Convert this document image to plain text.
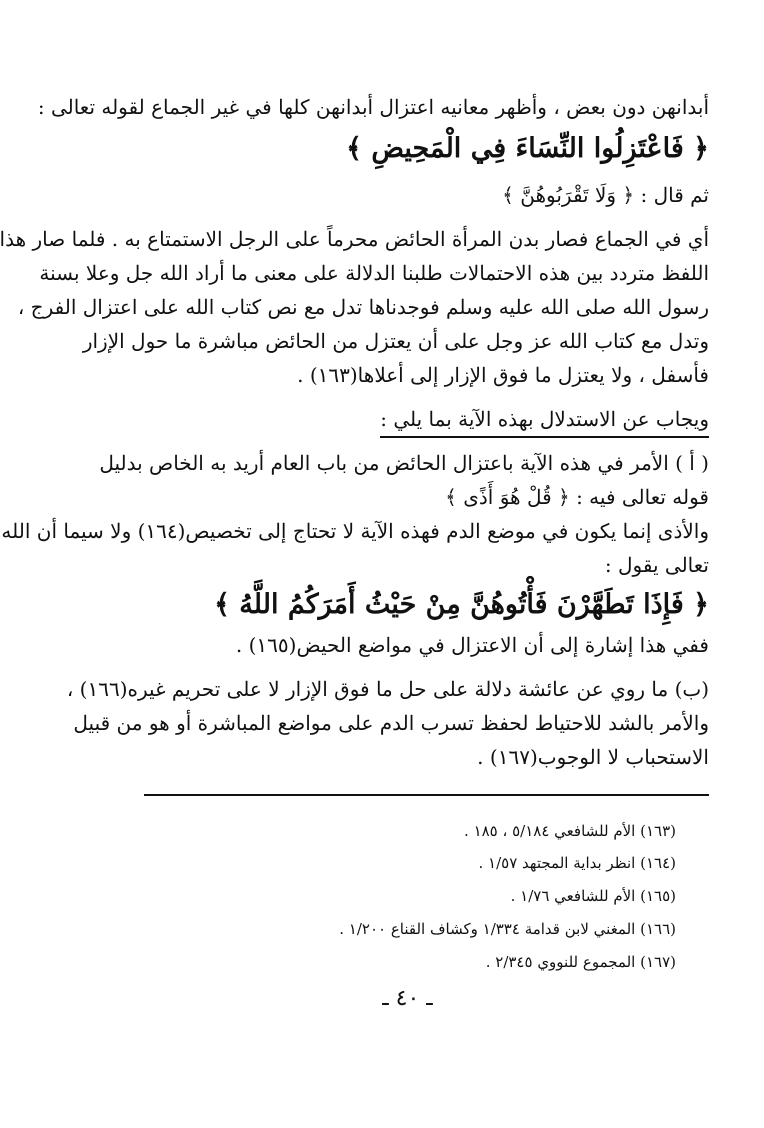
أبدانهن دون بعض ، وأظهر معانيه اعتزال أبدانهن كلها في غير الجماع لقوله تعالى :
﴿ فَاعْتَزِلُوا النِّسَاءَ فِي الْمَحِيضِ ﴾
ثم قال : ﴿ وَلَا تَقْرَبُوهُنَّ ﴾
أي في الجماع فصار بدن المرأة الحائض محرماً على الرجل الاستمتاع به . فلما صار هذا
اللفظ متردد بين هذه الاحتمالات طلبنا الدلالة على معنى ما أراد الله جل وعلا بسنة
رسول الله صلى الله عليه وسلم فوجدناها تدل مع نص كتاب الله على اعتزال الفرج ،
وتدل مع كتاب الله عز وجل على أن يعتزل من الحائض مباشرة ما حول الإزار
فأسفل ، ولا يعتزل ما فوق الإزار إلى أعلاها(١٦٣) .
ويجاب عن الاستدلال بهذه الآية بما يلي :
( أ ) الأمر في هذه الآية باعتزال الحائض من باب العام أريد به الخاص بدليل
قوله تعالى فيه : ﴿ قُلْ هُوَ أَذًى ﴾
والأذى إنما يكون في موضع الدم فهذه الآية لا تحتاج إلى تخصيص(١٦٤) ولا سيما أن الله
تعالى يقول :
﴿ فَإِذَا تَطَهَّرْنَ فَأْتُوهُنَّ مِنْ حَيْثُ أَمَرَكُمُ اللَّهُ ﴾
ففي هذا إشارة إلى أن الاعتزال في مواضع الحيض(١٦٥) .
(ب) ما روي عن عائشة دلالة على حل ما فوق الإزار لا على تحريم غيره(١٦٦) ،
والأمر بالشد للاحتياط لحفظ تسرب الدم على مواضع المباشرة أو هو من قبيل
الاستحباب لا الوجوب(١٦٧) .
(١٦٣) الأم للشافعي ٥/١٨٤ ، ١٨٥ .
(١٦٤) انظر بداية المجتهد ١/٥٧ .
(١٦٥) الأم للشافعي ١/٧٦ .
(١٦٦) المغني لابن قدامة ١/٣٣٤ وكشاف القناع ١/٢٠٠ .
(١٦٧) المجموع للنووي ٢/٣٤٥ .
ـ ٤٠ ـ
